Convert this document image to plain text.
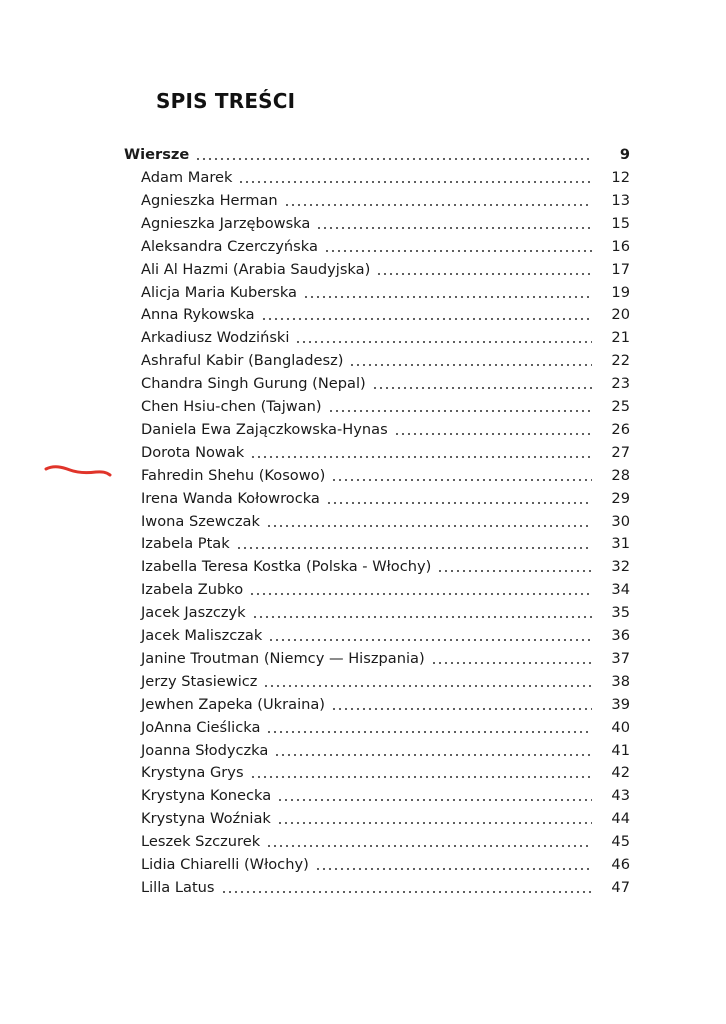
SPIS TREŚCI
Wiersze	9
Adam Marek	12
Agnieszka Herman	13
Agnieszka Jarzębowska	15
Aleksandra Czerczyńska	16
Ali Al Hazmi (Arabia Saudyjska)	17
Alicja Maria Kuberska	19
Anna Rykowska	20
Arkadiusz Wodziński	21
Ashraful Kabir (Bangladesz)	22
Chandra Singh Gurung (Nepal)	23
Chen Hsiu-chen (Tajwan)	25
Daniela Ewa Zajączkowska-Hynas	26
Dorota Nowak	27
Fahredin Shehu (Kosowo)	28
Irena Wanda Kołowrocka	29
Iwona Szewczak	30
Izabela Ptak	31
Izabella Teresa Kostka (Polska - Włochy)	32
Izabela Zubko	34
Jacek Jaszczyk	35
Jacek Maliszczak	36
Janine Troutman (Niemcy — Hiszpania)	37
Jerzy Stasiewicz	38
Jewhen Zapeka (Ukraina)	39
JoAnna Cieślicka	40
Joanna Słodyczka	41
Krystyna Grys	42
Krystyna Konecka	43
Krystyna Woźniak	44
Leszek Szczurek	45
Lidia Chiarelli (Włochy)	46
Lilla Latus	47
